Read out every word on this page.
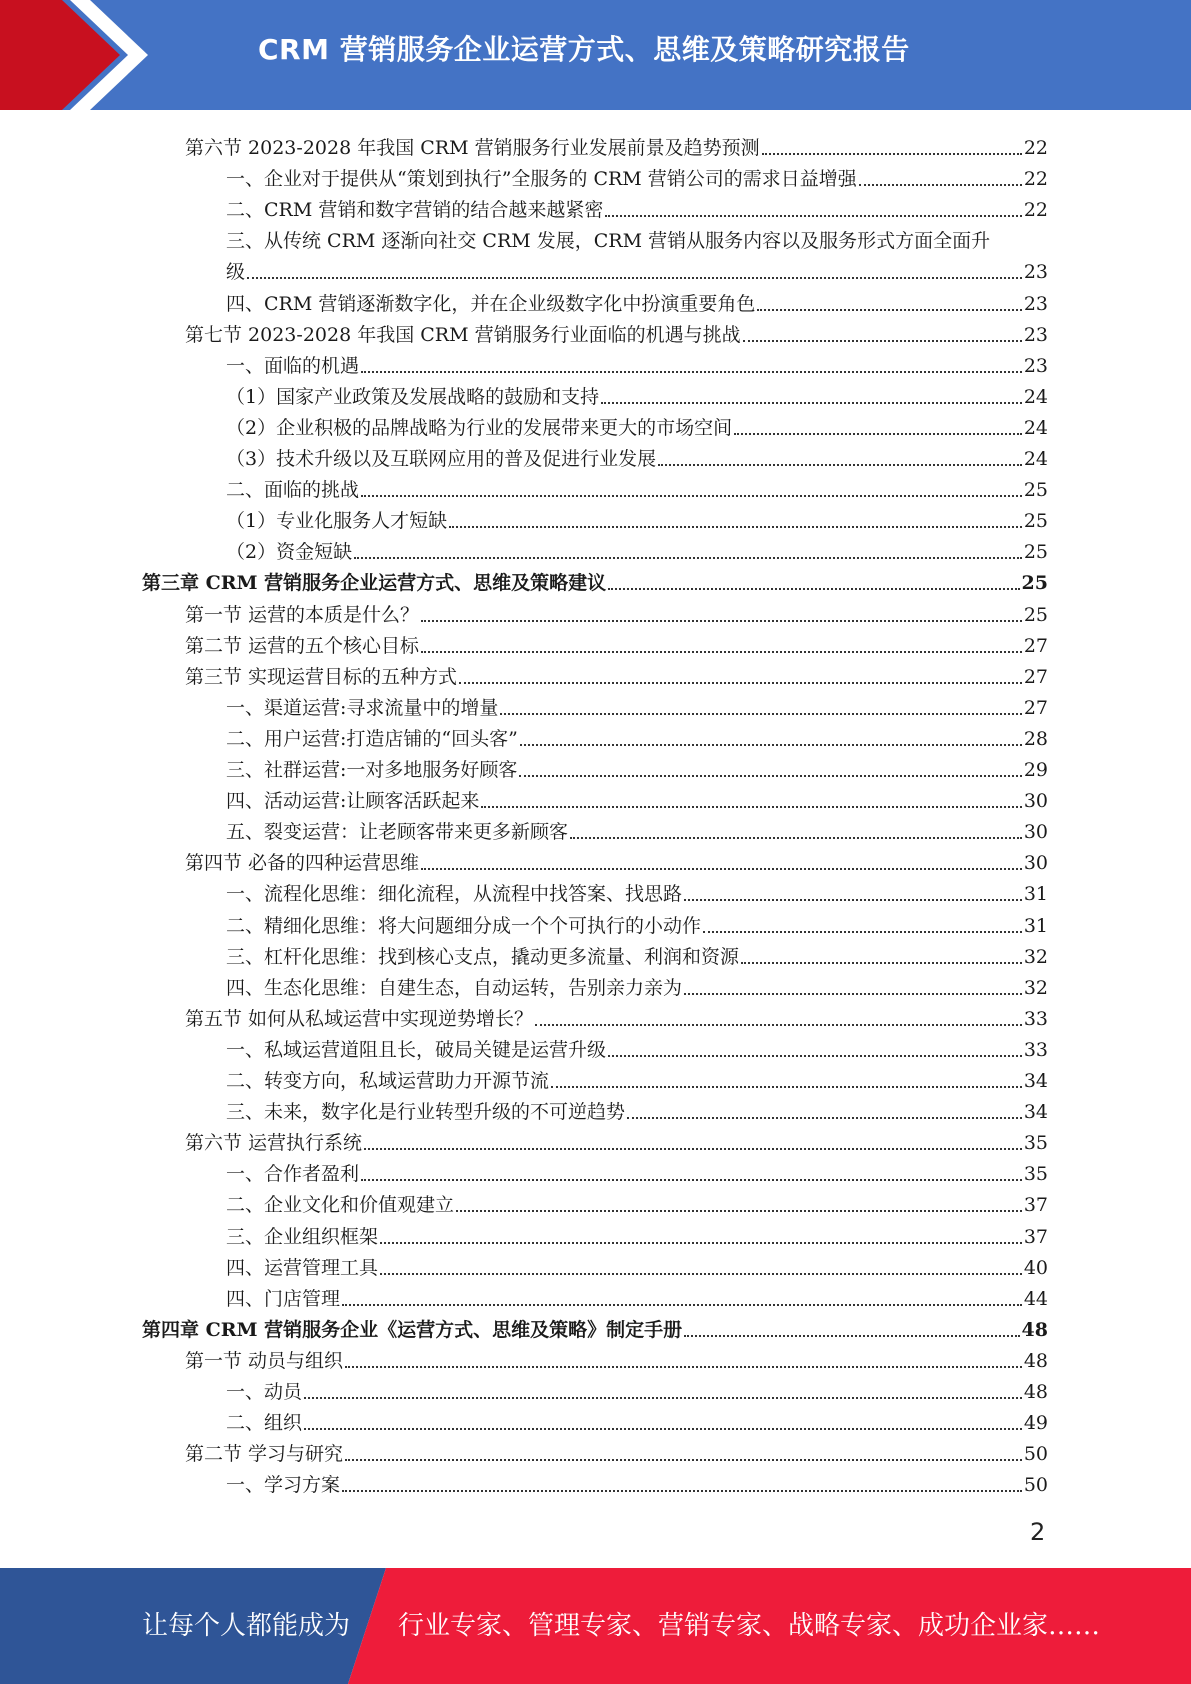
CRM 营销服务企业运营方式、思维及策略研究报告
第六节 2023-2028 年我国 CRM 营销服务行业发展前景及趋势预测	22
一、企业对于提供从“策划到执行”全服务的 CRM 营销公司的需求日益增强	22
二、CRM 营销和数字营销的结合越来越紧密	22
三、从传统 CRM 逐渐向社交 CRM 发展，CRM 营销从服务内容以及服务形式方面全面升
级	23
四、CRM 营销逐渐数字化，并在企业级数字化中扮演重要角色	23
第七节 2023-2028 年我国 CRM 营销服务行业面临的机遇与挑战	23
一、面临的机遇	23
（1）国家产业政策及发展战略的鼓励和支持	24
（2）企业积极的品牌战略为行业的发展带来更大的市场空间	24
（3）技术升级以及互联网应用的普及促进行业发展	24
二、面临的挑战	25
（1）专业化服务人才短缺	25
（2）资金短缺	25
第三章 CRM 营销服务企业运营方式、思维及策略建议	25
第一节 运营的本质是什么？	25
第二节 运营的五个核心目标	27
第三节 实现运营目标的五种方式	27
一、渠道运营:寻求流量中的增量	27
二、用户运营:打造店铺的“回头客”	28
三、社群运营:一对多地服务好顾客	29
四、活动运营:让顾客活跃起来	30
五、裂变运营：让老顾客带来更多新顾客	30
第四节 必备的四种运营思维	30
一、流程化思维：细化流程，从流程中找答案、找思路	31
二、精细化思维：将大问题细分成一个个可执行的小动作	31
三、杠杆化思维：找到核心支点，撬动更多流量、利润和资源	32
四、生态化思维：自建生态，自动运转，告别亲力亲为	32
第五节 如何从私域运营中实现逆势增长？	33
一、私域运营道阻且长，破局关键是运营升级	33
二、转变方向，私域运营助力开源节流	34
三、未来，数字化是行业转型升级的不可逆趋势	34
第六节 运营执行系统	35
一、合作者盈利	35
二、企业文化和价值观建立	37
三、企业组织框架	37
四、运营管理工具	40
四、门店管理	44
第四章 CRM 营销服务企业《运营方式、思维及策略》制定手册	48
第一节 动员与组织	48
一、动员	48
二、组织	49
第二节 学习与研究	50
一、学习方案	50
2
让每个人都能成为 行业专家、管理专家、营销专家、战略专家、成功企业家……
